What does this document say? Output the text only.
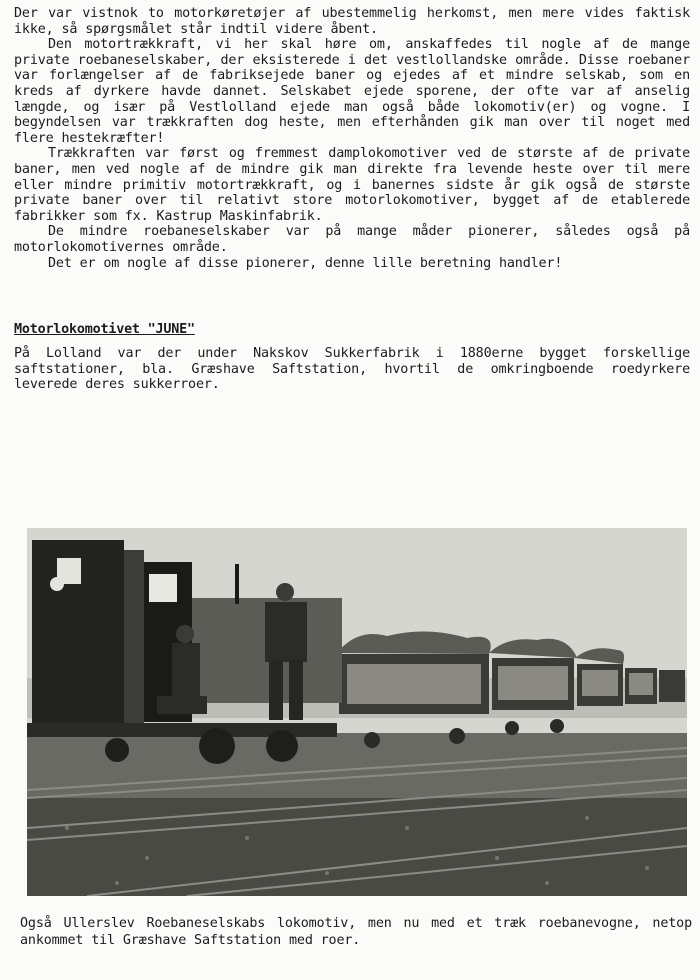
Der var vistnok to motorkøretøjer af ubestemmelig herkomst, men mere vides faktisk ikke, så spørgsmålet står indtil videre åbent.

Den motortrækkraft, vi her skal høre om, anskaffedes til nogle af de mange private roebaneselskaber, der eksisterede i det vestlollandske område. Disse roebaner var forlængelser af de fabriksejede baner og ejedes af et mindre selskab, som en kreds af dyrkere havde dannet. Selskabet ejede sporene, der ofte var af anselig længde, og især på Vestlolland ejede man også både lokomotiv(er) og vogne. I begyndelsen var trækkraften dog heste, men efterhånden gik man over til noget med flere hestekræfter!

Trækkraften var først og fremmest damplokomotiver ved de største af de private baner, men ved nogle af de mindre gik man direkte fra levende heste over til mere eller mindre primitiv motortrækkraft, og i banernes sidste år gik også de største private baner over til relativt store motorlokomotiver, bygget af de etablerede fabrikker som fx. Kastrup Maskinfabrik.

De mindre roebaneselskaber var på mange måder pionerer, således også på motorlokomotivernes område.

Det er om nogle af disse pionerer, denne lille beretning handler!

Motorlokomotivet "JUNE"

På Lolland var der under Nakskov Sukkerfabrik i 1880erne bygget forskellige saftstationer, bla. Græshave Saftstation, hvortil de omkringboende roedyrkere leverede deres sukkerroer.

Også Ullerslev Roebaneselskabs lokomotiv, men nu med et træk roebanevogne, netop ankommet til Græshave Saftstation med roer.
